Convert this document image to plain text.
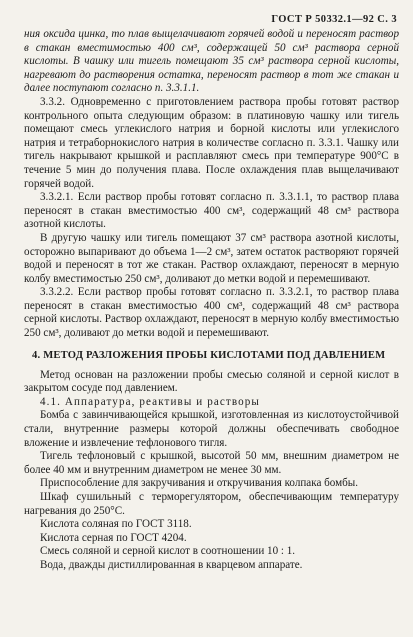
ГОСТ Р 50332.1—92 С. 3

ния оксида цинка, то плав выщелачивают горячей водой и переносят раствор в стакан вместимостью 400 см³, содержащей 50 см³ раствора серной кислоты. В чашку или тигель помещают 35 см³ раствора серной кислоты, нагревают до растворения остатка, переносят раствор в тот же стакан и далее поступают согласно п. 3.3.1.1.

3.3.2. Одновременно с приготовлением раствора пробы готовят раствор контрольного опыта следующим образом: в платиновую чашку или тигель помещают смесь углекислого натрия и борной кислоты или углекислого натрия и тетраборнокислого натрия в количестве согласно п. 3.3.1. Чашку или тигель накрывают крышкой и расплавляют смесь при температуре 900°С в течение 5 мин до получения плава. После охлаждения плав выщелачивают горячей водой.

3.3.2.1. Если раствор пробы готовят согласно п. 3.3.1.1, то раствор плава переносят в стакан вместимостью 400 см³, содержащий 48 см³ раствора азотной кислоты.

В другую чашку или тигель помещают 37 см³ раствора азотной кислоты, осторожно выпаривают до объема 1—2 см³, затем остаток растворяют горячей водой и переносят в тот же стакан. Раствор охлаждают, переносят в мерную колбу вместимостью 250 см³, доливают до метки водой и перемешивают.

3.3.2.2. Если раствор пробы готовят согласно п. 3.3.2.1, то раствор плава переносят в стакан вместимостью 400 см³, содержащий 48 см³ раствора серной кислоты. Раствор охлаждают, переносят в мерную колбу вместимостью 250 см³, доливают до метки водой и перемешивают.

4. МЕТОД РАЗЛОЖЕНИЯ ПРОБЫ КИСЛОТАМИ ПОД ДАВЛЕНИЕМ

Метод основан на разложении пробы смесью соляной и серной кислот в закрытом сосуде под давлением.

4.1. Аппаратура, реактивы и растворы

Бомба с завинчивающейся крышкой, изготовленная из кислотоустойчивой стали, внутренние размеры которой должны обеспечивать свободное вложение и извлечение тефлонового тигля.

Тигель тефлоновый с крышкой, высотой 50 мм, внешним диаметром не более 40 мм и внутренним диаметром не менее 30 мм.

Приспособление для закручивания и откручивания колпака бомбы.

Шкаф сушильный с терморегулятором, обеспечивающим температуру нагревания до 250°С.

Кислота соляная по ГОСТ 3118.

Кислота серная по ГОСТ 4204.

Смесь соляной и серной кислот в соотношении 10 : 1.

Вода, дважды дистиллированная в кварцевом аппарате.
